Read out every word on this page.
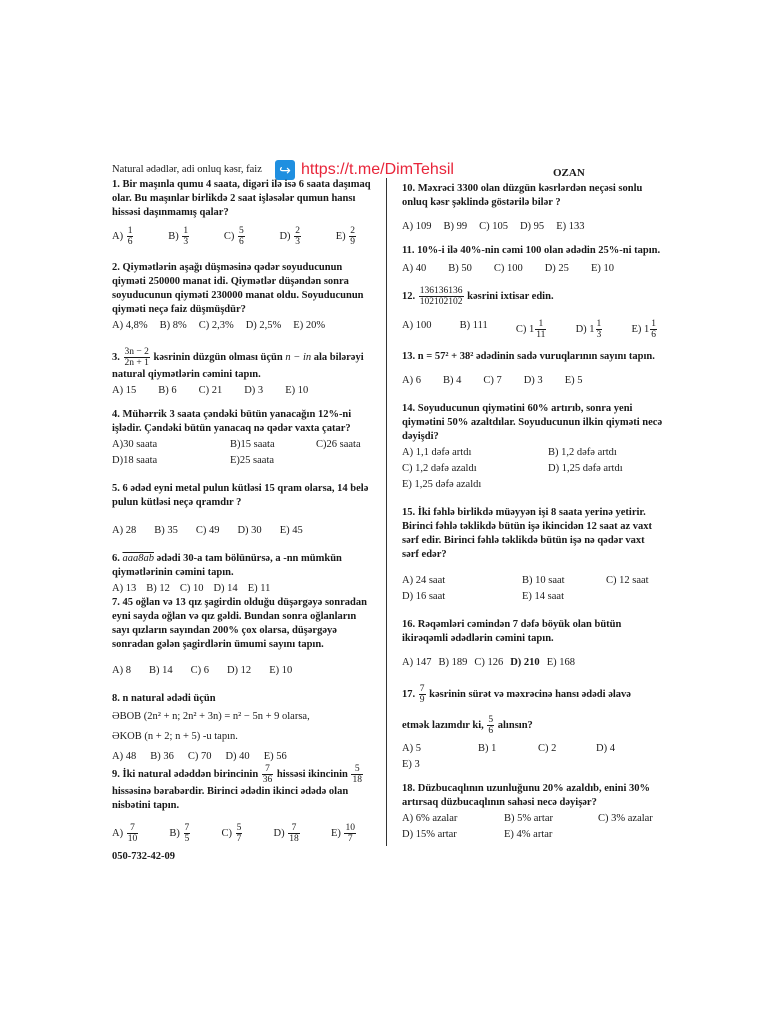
Natural ədədlər, adi onluq kəsr, faiz ↪ https://t.me/DimTehsil	OZAN
1. Bir maşınla qumu 4 saata, digəri ilə isə 6 saata daşımaq olar. Bu maşınlar birlikdə 2 saat işləsələr qumun hansı hissəsi daşınmamış qalar?
$A) \frac{1}{6}$	$B) \frac{1}{3}$	$C) \frac{5}{6}$	$D) \frac{2}{3}$	$E) \frac{2}{9}$
2. Qiymətlərin aşağı düşməsinə qədər soyuducunun qiyməti 250000 manat idi. Qiymətlər düşəndən sonra soyuducunun qiyməti 230000 manat oldu. Soyuducunun qiyməti neçə faiz düşmüşdür?
A) 4,8% B) 8% C) 2,3% D) 2,5% E) 20%
3. $\frac{3n - 2}{2n + 1}$ kəsrinin düzgün olması üçün n − in ala bilərəyi natural qiymətlərin cəmini tapın.
A) 15 B) 6 C) 21 D) 3 E) 10
4. Mühərrik 3 saata çəndəki bütün yanacağın 12%-ni işlədir. Çəndəki bütün yanacaq nə qədər vaxta çatar?
A)30 saata	B)15 saata	C)26 saata
D)18 saata	E)25 saata
5. 6 ədəd eyni metal pulun kütləsi 15 qram olarsa, 14 belə pulun kütləsi neçə qramdır ?
A) 28 B) 35 C) 49 D) 30 E) 45
6. aaa8ab ədədi 30-a tam bölünürsə, a -nn mümkün qiymətlərinin cəmini tapın.
A) 13 B) 12 C) 10 D) 14 E) 11
7. 45 oğlan və 13 qız şagirdin olduğu düşərgəyə sonradan eyni sayda oğlan və qız gəldi. Bundan sonra oğlanların sayı qızların sayından 200% çox olarsa, düşərgəyə sonradan gələn şagirdlərin ümumi sayını tapın.
A) 8 B) 14 C) 6 D) 12 E) 10
8. n natural ədədi üçün
ƏBOB (2n² + n; 2n² + 3n) = n² − 5n + 9 olarsa,
ƏKOB (n + 2; n + 5) -u tapın.
A) 48 B) 36 C) 70 D) 40 E) 56
9. İki natural ədəddən birincinin $\frac{7}{36}$ hissəsi ikincinin $\frac{5}{18}$
hissəsinə bərabərdir. Birinci ədədin ikinci ədədə olan nisbətini tapın.
$A) \frac{7}{10}$	$B) \frac{7}{5}$	$C) \frac{5}{7}$	$D) \frac{7}{18}$	$E) \frac{10}{7}$
10. Məxrəci 3300 olan düzgün kəsrlərdən neçəsi sonlu onluq kəsr şəklində göstərilə bilər ?
A) 109 B) 99 C) 105 D) 95 E) 133
11. 10%-i ilə 40%-nin cəmi 100 olan ədədin 25%-ni tapın.
A) 40 B) 50 C) 100 D) 25 E) 10
12. $\frac{136136136}{102102102}$ kəsrini ixtisar edin.
A) 100	B) 111	C) $1 \frac{1}{11}$	D) $1 \frac{1}{3}$	E) $1 \frac{1}{6}$
13. n = 57² + 38² ədədinin sadə vuruqlarının sayını tapın.
A) 6 B) 4 C) 7 D) 3 E) 5
14. Soyuducunun qiymətini 60% artırıb, sonra yeni qiymətini 50% azaltdılar. Soyuducunun ilkin qiyməti necə dəyişdi?
A) 1,1 dəfə artdı	B) 1,2 dəfə artdı
C) 1,2 dəfə azaldı	D) 1,25 dəfə artdı
E) 1,25 dəfə azaldı
15. İki fəhlə birlikdə müəyyən işi 8 saata yerinə yetirir. Birinci fəhlə təklikdə bütün işə ikincidən 12 saat az vaxt sərf edir. Birinci fəhlə təklikdə bütün işə nə qədər vaxt sərf edər?
A) 24 saat	B) 10 saat	C) 12 saat
D) 16 saat	E) 14 saat
16. Rəqəmləri cəmindən 7 dəfə böyük olan bütün ikirəqəmli ədədlərin cəmini tapın.
A) 147 B) 189 C) 126 D) 210 E) 168
17. $\frac{7}{9}$ kəsrinin sürət və məxrəcinə hansı ədədi əlavə
etmək lazımdır ki, $\frac{5}{6}$ alınsın?
A) 5	B) 1	C) 2	D) 4
E) 3
18. Düzbucaqlının uzunluğunu 20% azaldıb, enini 30% artırsaq düzbucaqlının sahəsi necə dəyişər?
A) 6% azalar	B) 5% artar	C) 3% azalar
D) 15% artar	E) 4% artar
050-732-42-09
